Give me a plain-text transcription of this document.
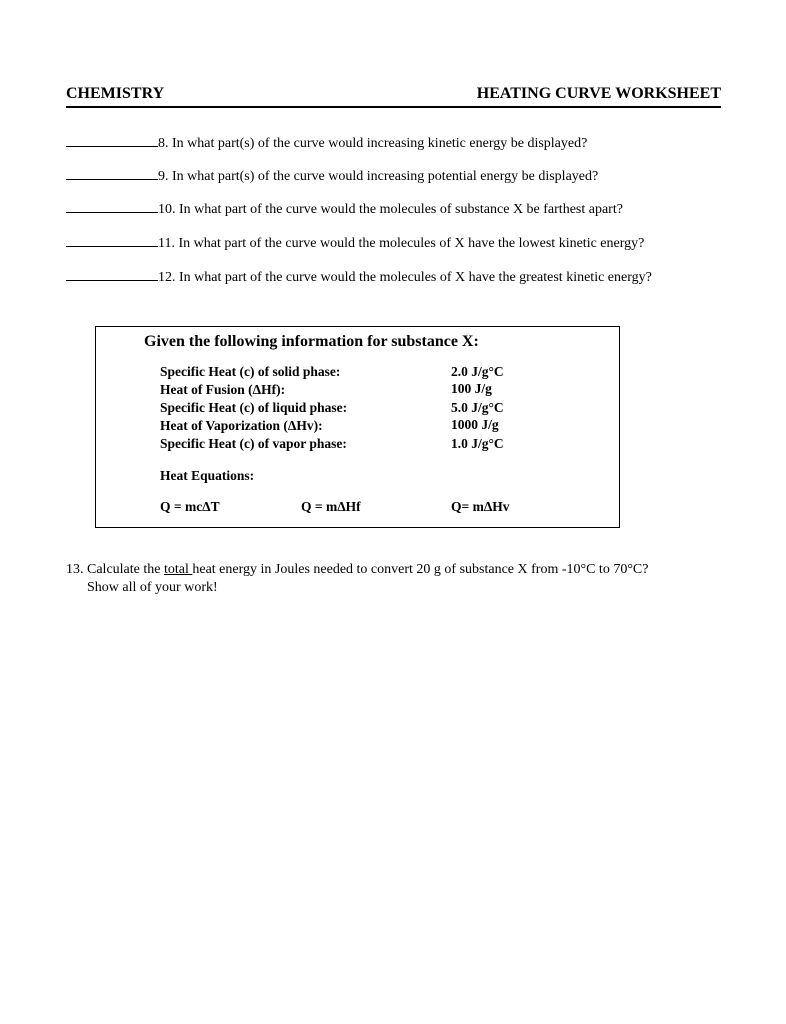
CHEMISTRY	HEATING CURVE WORKSHEET
8. In what part(s) of the curve would increasing kinetic energy be displayed?
9. In what part(s) of the curve would increasing potential energy be displayed?
10. In what part of the curve would the molecules of substance X be farthest apart?
11. In what part of the curve would the molecules of X have the lowest kinetic energy?
12. In what part of the curve would the molecules of X have the greatest kinetic energy?
Given the following information for substance X:
Specific Heat (c) of solid phase:	2.0 J/g°C
Heat of Fusion (ΔHf):	100 J/g
Specific Heat (c) of liquid phase:	5.0 J/g°C
Heat of Vaporization (ΔHv):	1000 J/g
Specific Heat (c) of vapor phase:	1.0 J/g°C
Heat Equations:
Q = mcΔT	Q = mΔHf	Q= mΔHv
13. Calculate the total heat energy in Joules needed to convert 20 g of substance X from -10°C to 70°C?
Show all of your work!
